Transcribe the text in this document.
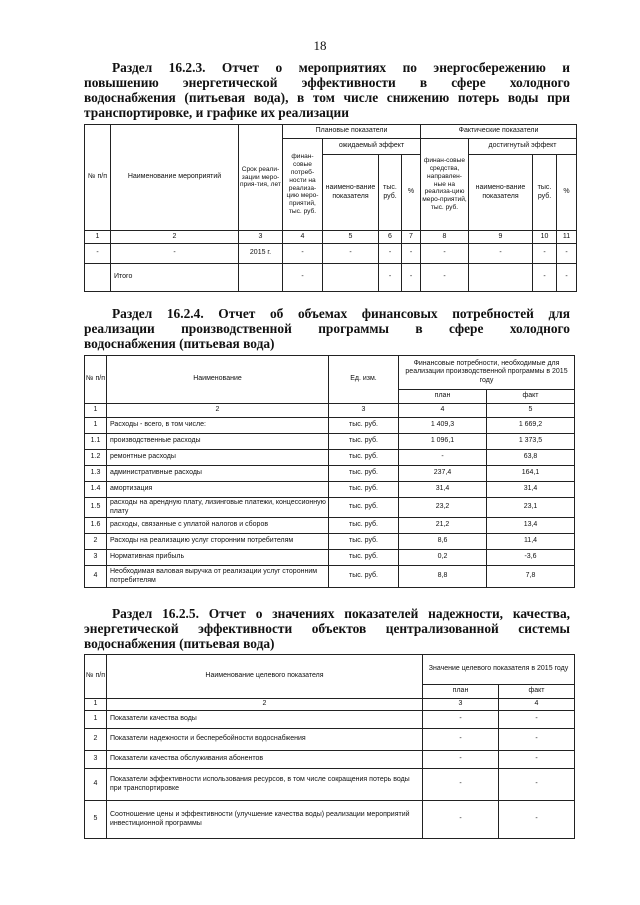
18
Раздел 16.2.3. Отчет о мероприятиях по энергосбережению и
повышению энергетической эффективности в сфере холодного
водоснабжения (питьевая вода), в том числе снижению потерь воды при
транспортировке, и графике их реализации
№ п/п	Наименование мероприятий	Срок реали-зации меро-прия-тия, лет	Плановые показатели				Фактические показатели			
			финан-совые потреб-ности на реализа-цию меро-приятий, тыс. руб.	ожидаемый эффект			финан-совые средства, направлен-ные на реализа-цию меро-приятий, тыс. руб.	достигнутый эффект		
				наимено-вание показателя	тыс. руб.	%		наимено-вание показателя	тыс. руб.	%
1	2	3	4	5	6	7	8	9	10	11
-	-	2015 г.	-	-	-	-	-	-	-	-
	Итого		-		-	-	-		-	-
Раздел 16.2.4. Отчет об объемах финансовых потребностей для
реализации производственной программы в сфере холодного
водоснабжения (питьевая вода)
№ п/п	Наименование	Ед. изм.	Финансовые потребности, необходимые для реализации производственной программы в 2015 году	
			план	факт
1	2	3	4	5
1	Расходы - всего, в том числе:	тыс. руб.	1 409,3	1 669,2
1.1	производственные расходы	тыс. руб.	1 096,1	1 373,5
1.2	ремонтные расходы	тыс. руб.	-	63,8
1.3	административные расходы	тыс. руб.	237,4	164,1
1.4	амортизация	тыс. руб.	31,4	31,4
1.5	расходы на арендную плату, лизинговые платежи, концессионную плату	тыс. руб.	23,2	23,1
1.6	расходы, связанные с уплатой налогов и сборов	тыс. руб.	21,2	13,4
2	Расходы на реализацию услуг сторонним потребителям	тыс. руб.	8,6	11,4
3	Нормативная прибыль	тыс. руб.	0,2	-3,6
4	Необходимая валовая выручка от реализации услуг сторонним потребителям	тыс. руб.	8,8	7,8
Раздел 16.2.5. Отчет о значениях показателей надежности, качества,
энергетической эффективности объектов централизованной системы
водоснабжения (питьевая вода)
№ п/п	Наименование целевого показателя	Значение целевого показателя в 2015 году	
		план	факт
1	2	3	4
1	Показатели качества воды	-	-
2	Показатели надежности и бесперебойности водоснабжения	-	-
3	Показатели качества обслуживания абонентов	-	-
4	Показатели эффективности использования ресурсов, в том числе сокращения потерь воды при транспортировке	-	-
5	Соотношение цены и эффективности (улучшение качества воды) реализации мероприятий инвестиционной программы	-	-
